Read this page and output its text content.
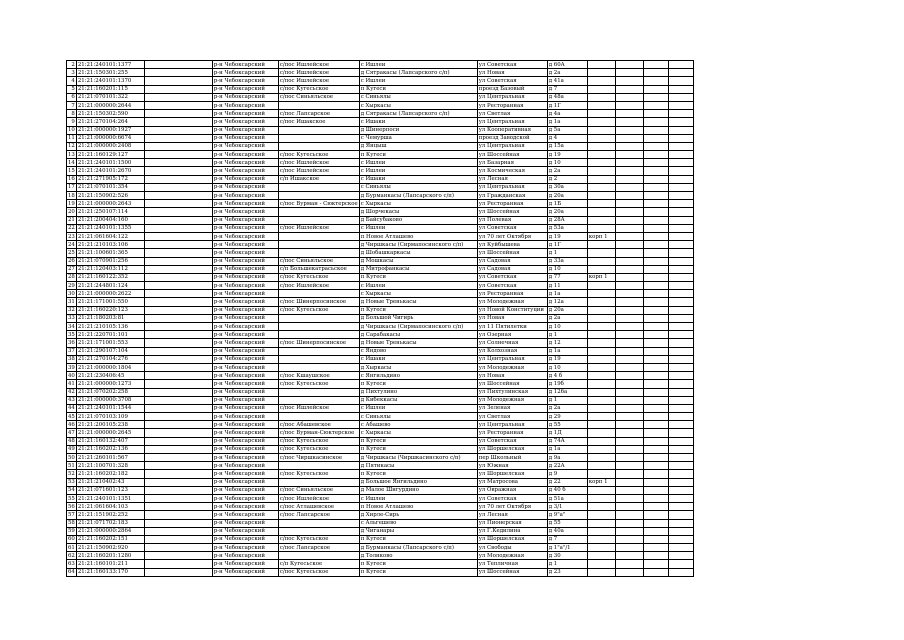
2	21:21:240101:1377		р-н Чебоксарский	с/пос Ишлейское	с Ишлеи	ул Советская	д 60А				
3	21:21:150301:255		р-н Чебоксарский	с/пос Ишлейское	д Сятракасы (Лапсарского с/п)	ул Новая	д 2а				
4	21:21:240101:1370		р-н Чебоксарский	с/пос Ишлейское	с Ишлеи	ул Советская	д 41а				
5	21:21:160201:115		р-н Чебоксарский	с/пос Кугесьское	п Кугеси	проезд Базовый	д 7				
6	21:21:070101:322		р-н Чебоксарский	с/пос Синьяльское	с Синьялы	ул Центральная	д 48а				
7	21:21:000000:2644		р-н Чебоксарский		с Хыркасы	ул Ресторанная	д 1Г				
8	21:21:150302:590		р-н Чебоксарский	с/пос Лапсарское	д Сятракасы (Лапсарского с/п)	ул Светлая	д 4а				
9	21:21:270104:264		р-н Чебоксарский	с/пос Ишакское	с Ишаки	ул Центральная	д 1а				
10	21:21:000000:1927		р-н Чебоксарский		д Шинерпоси	ул Кооперативная	д 5а				
11	21:21:000000:6674		р-н Чебоксарский		с Чемурша	проезд Заводской	д 4				
12	21:21:000000:2408		р-н Чебоксарский		д Янцыш	ул Центральная	д 15а				
13	21:21:160129:127		р-н Чебоксарский	с/пос Кугесьское	п Кугеси	ул Шоссейная	д 19				
14	21:21:240101:1500		р-н Чебоксарский	с/пос Ишлейское	с Ишлеи	ул Базарная	д 10				
15	21:21:240101:2670		р-н Чебоксарский	с/пос Ишлейское	с Ишлеи	ул Космическая	д 2а				
16	21:21:271905:172		р-н Чебоксарский	с/п Ишакское	с Ишаки	ул Лесная	д 2				
17	21:21:070101:354		р-н Чебоксарский		с Синьялы	ул Центральная	д 30а				
18	21:21:150902:526		р-н Чебоксарский		д Бурманкасы (Лапсарского с/п)	ул Гражданская	д 20а				
19	21:21:000000:2643		р-н Чебоксарский	с/пос Вурман - Сюктерское	с Хыркасы	ул Ресторанная	д 1Б				
20	21:21:250107:114		р-н Чебоксарский		д Шорчекасы	ул Шоссейная	д 20а				
21	21:21:200404:160		р-н Чебоксарский		д Байсубаково	ул Полевая	д 28А				
22	21:21:240101:1355		р-н Чебоксарский	с/пос Ишлейское	с Ишлеи	ул Советская	д 53а				
23	21:21:061604:122		р-н Чебоксарский		п Новое Атлашево	ул 70 лет Октября	д 19	корп 1			
24	21:21:210103:106		р-н Чебоксарский		д Чиршкасы (Сирмапосинского с/п)	ул Куйбышева	д 1Г				
25	21:21:100601:365		р-н Чебоксарский		д Шобашкаркасы	ул Шоссейная	д 1				
26	21:21:070901:256		р-н Чебоксарский	с/пос Синьяльское	д Мошкасы	ул Садовая	д 33а				
27	21:21:120403:112		р-н Чебоксарский	с/п Большекатрасьское	д Митрофанкасы	ул Садовая	д 10				
28	21:21:160122:352		р-н Чебоксарский	с/пос Кугесьское	п Кугеси	ул Советская	д 77	корп 1			
29	21:21:244801:124		р-н Чебоксарский	с/пос Ишлейское	с Ишлеи	ул Советская	д 11				
30	21:21:000000:2622		р-н Чебоксарский		с Хыркасы	ул Ресторанная	д 1а				
31	21:21:171001:550		р-н Чебоксарский	с/пос Шинерпосинское	д Новые Тренькасы	ул Молодежная	д 12а				
32	21:21:160220:123		р-н Чебоксарский	с/пос Кугесьское	п Кугеси	ул Новой Конституции	д 20а				
33	21:21:180203:81		р-н Чебоксарский		д Большой Чигирь	ул Новая	д 2а				
34	21:21:210105:136		р-н Чебоксарский		д Чиршкасы (Сирмапосинского с/п)	ул 11 Пятилетки	д 10				
35	21:21:220701:101		р-н Чебоксарский		д Сарабакасы	ул Озерная	д 1				
36	21:21:171001:553		р-н Чебоксарский	с/пос Шинерпосинское	д Новые Тренькасы	ул Солнечная	д 12				
37	21:21:290107:104		р-н Чебоксарский		с Яндово	ул Колхозная	д 1а				
38	21:21:270104:276		р-н Чебоксарский		с Ишаки	ул Центральная	д 19				
39	21:21:000000:1804		р-н Чебоксарский		д Хыркасы	ул Молодежная	д 10				
40	21:21:230406:45		р-н Чебоксарский	с/пос Кшаушское	с Янгильдино	ул Новая	д 4 б				
41	21:21:000000:1273		р-н Чебоксарский	с/пос Кугесьское	п Кугеси	ул Шоссейная	д 19б				
42	21:21:070202:258		р-н Чебоксарский		д Пихтулино	ул Пихтулинская	д 126а				
43	21:21:000000:3708		р-н Чебоксарский		д Кибеккасы	ул Молодежная	д 1				
44	21:21:240101:1544		р-н Чебоксарский	с/пос Ишлейское	с Ишлеи	ул Зеленая	д 2а				
45	21:21:070103:109		р-н Чебоксарский		с Синьялы	ул Светлая	д 29				
46	21:21:200105:238		р-н Чебоксарский	с/пос Абашевское	с Абашево	ул Центральная	д 55				
47	21:21:000000:2645		р-н Чебоксарский	с/пос Вурман-Сюктерское	с Хыркасы	ул Ресторанная	д 1Д				
48	21:21:160132:407		р-н Чебоксарский	с/пос Кугесьское	п Кугеси	ул Советская	д 74А				
49	21:21:160202:136		р-н Чебоксарский	с/пос Кугесьское	п Кугеси	ул Шоршелская	д 1а				
50	21:21:260101:567		р-н Чебоксарский	с/пос Чиршкасинское	д Чиршкасы (Чиршкасинского с/п)	пер Школьный	д 9а				
51	21:21:100701:328		р-н Чебоксарский		д Пятикасы	ул Южная	д 22А				
52	21:21:160202:182		р-н Чебоксарский	с/пос Кугесьское	п Кугеси	ул Шоршелская	д 9				
53	21:21:210402:43		р-н Чебоксарский		д Большое Янгильдино	ул Матросова	д 22	корп 1			
54	21:21:071601:123		р-н Чебоксарский	с/пос Синьяльское	д Малое Шигурдино	ул Овражная	д 40 б				
55	21:21:240101:1351		р-н Чебоксарский	с/пос Ишлейское	с Ишлеи	ул Советская	д 51а				
56	21:21:061604:103		р-н Чебоксарский	с/пос Атлашевское	п Новое Атлашево	ул 70 лет Октября	д 3/1				
57	21:21:151902:252		р-н Чебоксарский	с/пос Лапсарское	д Хирле-Сирь	ул Лесная	д 9"а"				
58	21:21:071702:183		р-н Чебоксарский		с Альгешево	ул Пионерская	д 55				
59	21:21:000000:2864		р-н Чебоксарский		д Чиганары	ул Г.Кедилина	д 40а				
60	21:21:160202:151		р-н Чебоксарский	с/пос Кугесьское	п Кугеси	ул Шоршелская	д 7				
61	21:21:150902:920		р-н Чебоксарский	с/пос Лапсарское	д Бурманкасы (Лапсарского с/п)	ул Свободы	д 1"а"/1				
62	21:21:160201:1280		р-н Чебоксарский		д Толиково	ул Молодежная	д 30				
63	21:21:160101:211		р-н Чебоксарский	с/п Кугесьское	п Кугеси	ул Тепличная	д 1				
64	21:21:160133:170		р-н Чебоксарский	с/пос Кугесьское	п Кугеси	ул Шоссейная	д 23				
